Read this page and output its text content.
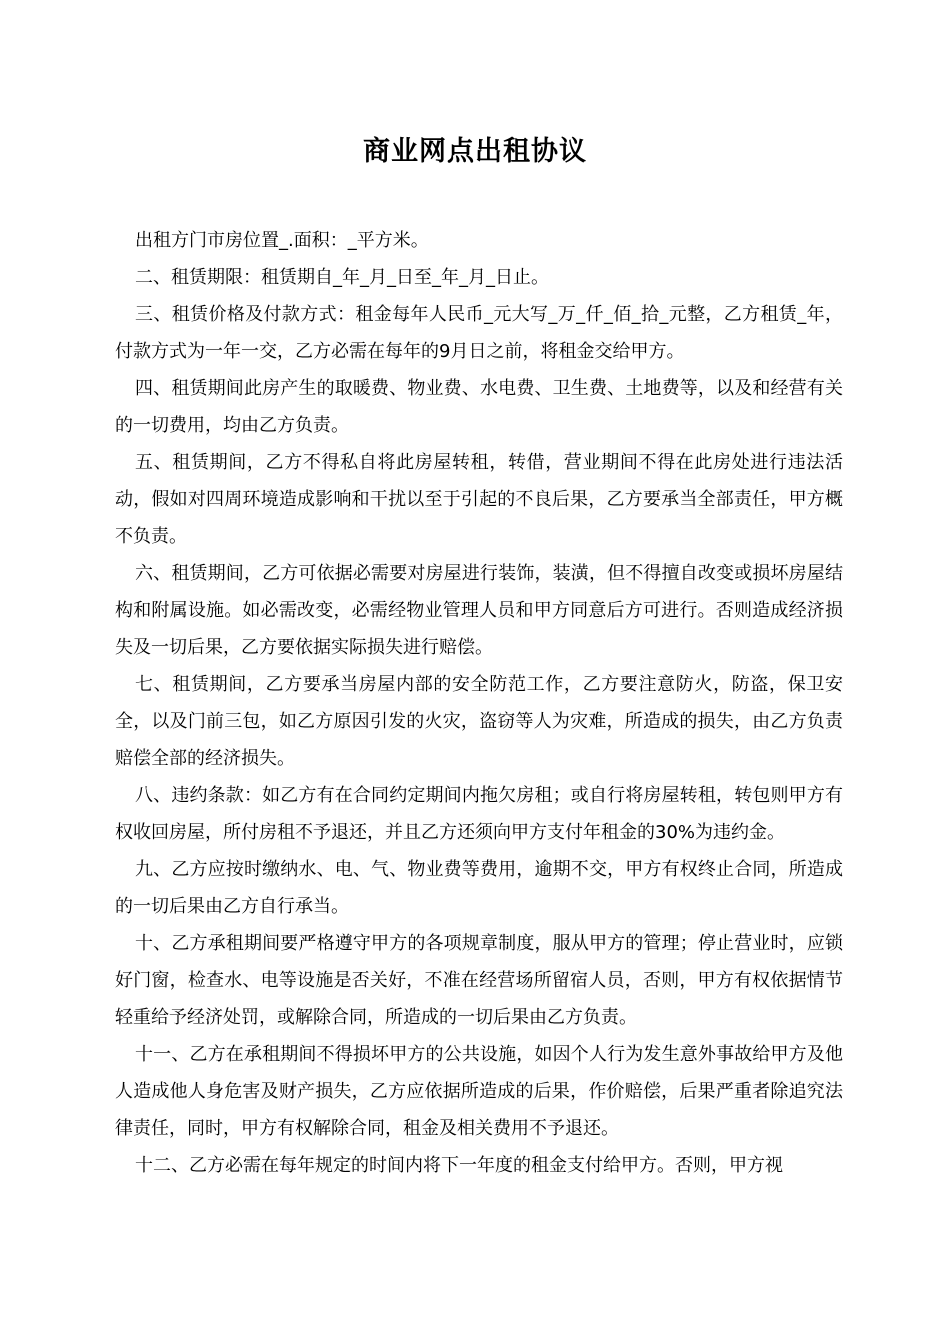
商业网点出租协议

出租方门市房位置_.面积：_平方米。

二、租赁期限：租赁期自_年_月_日至_年_月_日止。

三、租赁价格及付款方式：租金每年人民币_元大写_万_仟_佰_拾_元整，乙方租赁_年，付款方式为一年一交，乙方必需在每年的9月日之前，将租金交给甲方。

四、租赁期间此房产生的取暖费、物业费、水电费、卫生费、土地费等，以及和经营有关的一切费用，均由乙方负责。

五、租赁期间，乙方不得私自将此房屋转租，转借，营业期间不得在此房处进行违法活动，假如对四周环境造成影响和干扰以至于引起的不良后果，乙方要承当全部责任，甲方概不负责。

六、租赁期间，乙方可依据必需要对房屋进行装饰，装潢，但不得擅自改变或损坏房屋结构和附属设施。如必需改变，必需经物业管理人员和甲方同意后方可进行。否则造成经济损失及一切后果，乙方要依据实际损失进行赔偿。

七、租赁期间，乙方要承当房屋内部的安全防范工作，乙方要注意防火，防盗，保卫安全，以及门前三包，如乙方原因引发的火灾，盗窃等人为灾难，所造成的损失，由乙方负责赔偿全部的经济损失。

八、违约条款：如乙方有在合同约定期间内拖欠房租；或自行将房屋转租，转包则甲方有权收回房屋，所付房租不予退还，并且乙方还须向甲方支付年租金的30%为违约金。

九、乙方应按时缴纳水、电、气、物业费等费用，逾期不交，甲方有权终止合同，所造成的一切后果由乙方自行承当。

十、乙方承租期间要严格遵守甲方的各项规章制度，服从甲方的管理；停止营业时，应锁好门窗，检查水、电等设施是否关好，不准在经营场所留宿人员，否则，甲方有权依据情节轻重给予经济处罚，或解除合同，所造成的一切后果由乙方负责。

十一、乙方在承租期间不得损坏甲方的公共设施，如因个人行为发生意外事故给甲方及他人造成他人身危害及财产损失，乙方应依据所造成的后果，作价赔偿，后果严重者除追究法律责任，同时，甲方有权解除合同，租金及相关费用不予退还。

十二、乙方必需在每年规定的时间内将下一年度的租金支付给甲方。否则，甲方视
